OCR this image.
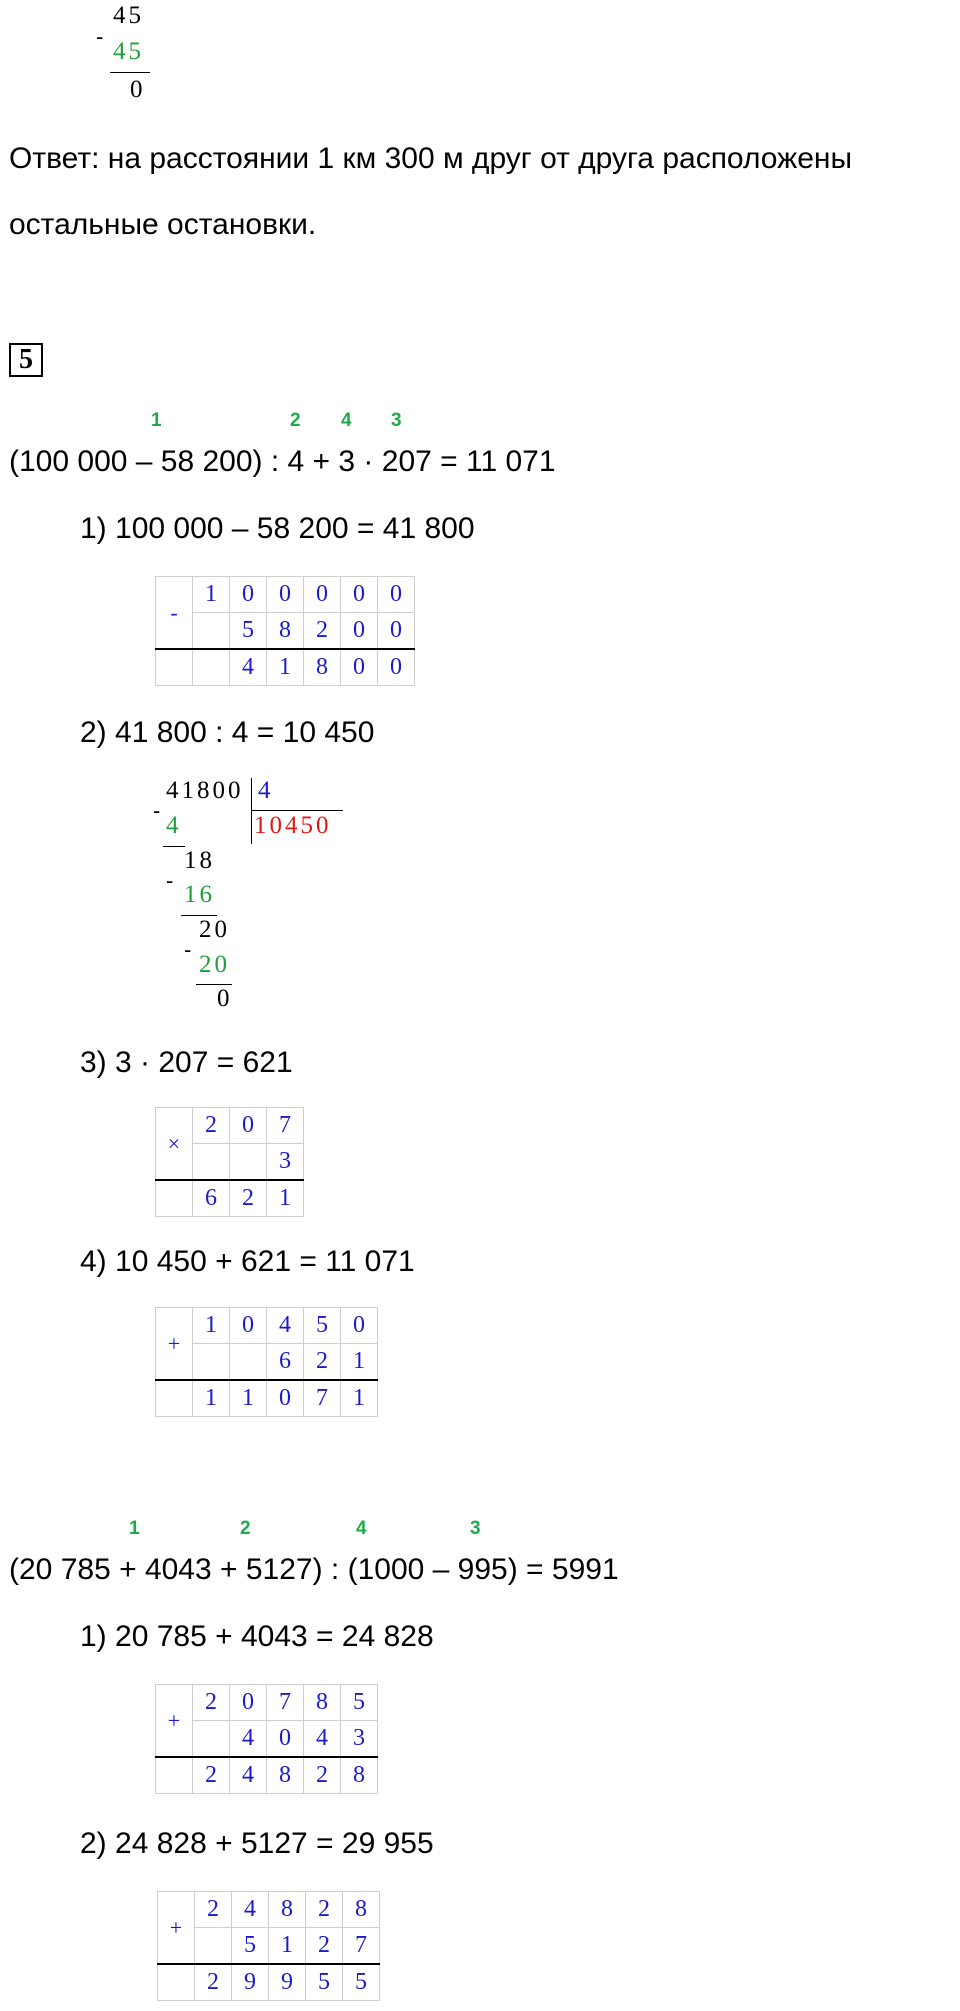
45
-
45
0
Ответ: на расстоянии 1 км 300 м друг от друга расположены
остальные остановки.
5
1	2 4 3
(100 000 – 58 200) : 4 + 3 · 207 = 11 071
1) 100 000 – 58 200 = 41 800
-	1	0	0	0	0	0
		5	8	2	0	0
		4	1	8	0	0
2) 41 800 : 4 = 10 450
41800 4
10450
-
4
18
-
16
20
-
20
0
3) 3 · 207 = 621
×	2	0	7
			3
	6	2	1
4) 10 450 + 621 = 11 071
+	1	0	4	5	0
			6	2	1
	1	1	0	7	1
1	2	4	3
(20 785 + 4043 + 5127) : (1000 – 995) = 5991
1) 20 785 + 4043 = 24 828
+	2	0	7	8	5
		4	0	4	3
	2	4	8	2	8
2) 24 828 + 5127 = 29 955
+	2	4	8	2	8
		5	1	2	7
	2	9	9	5	5
